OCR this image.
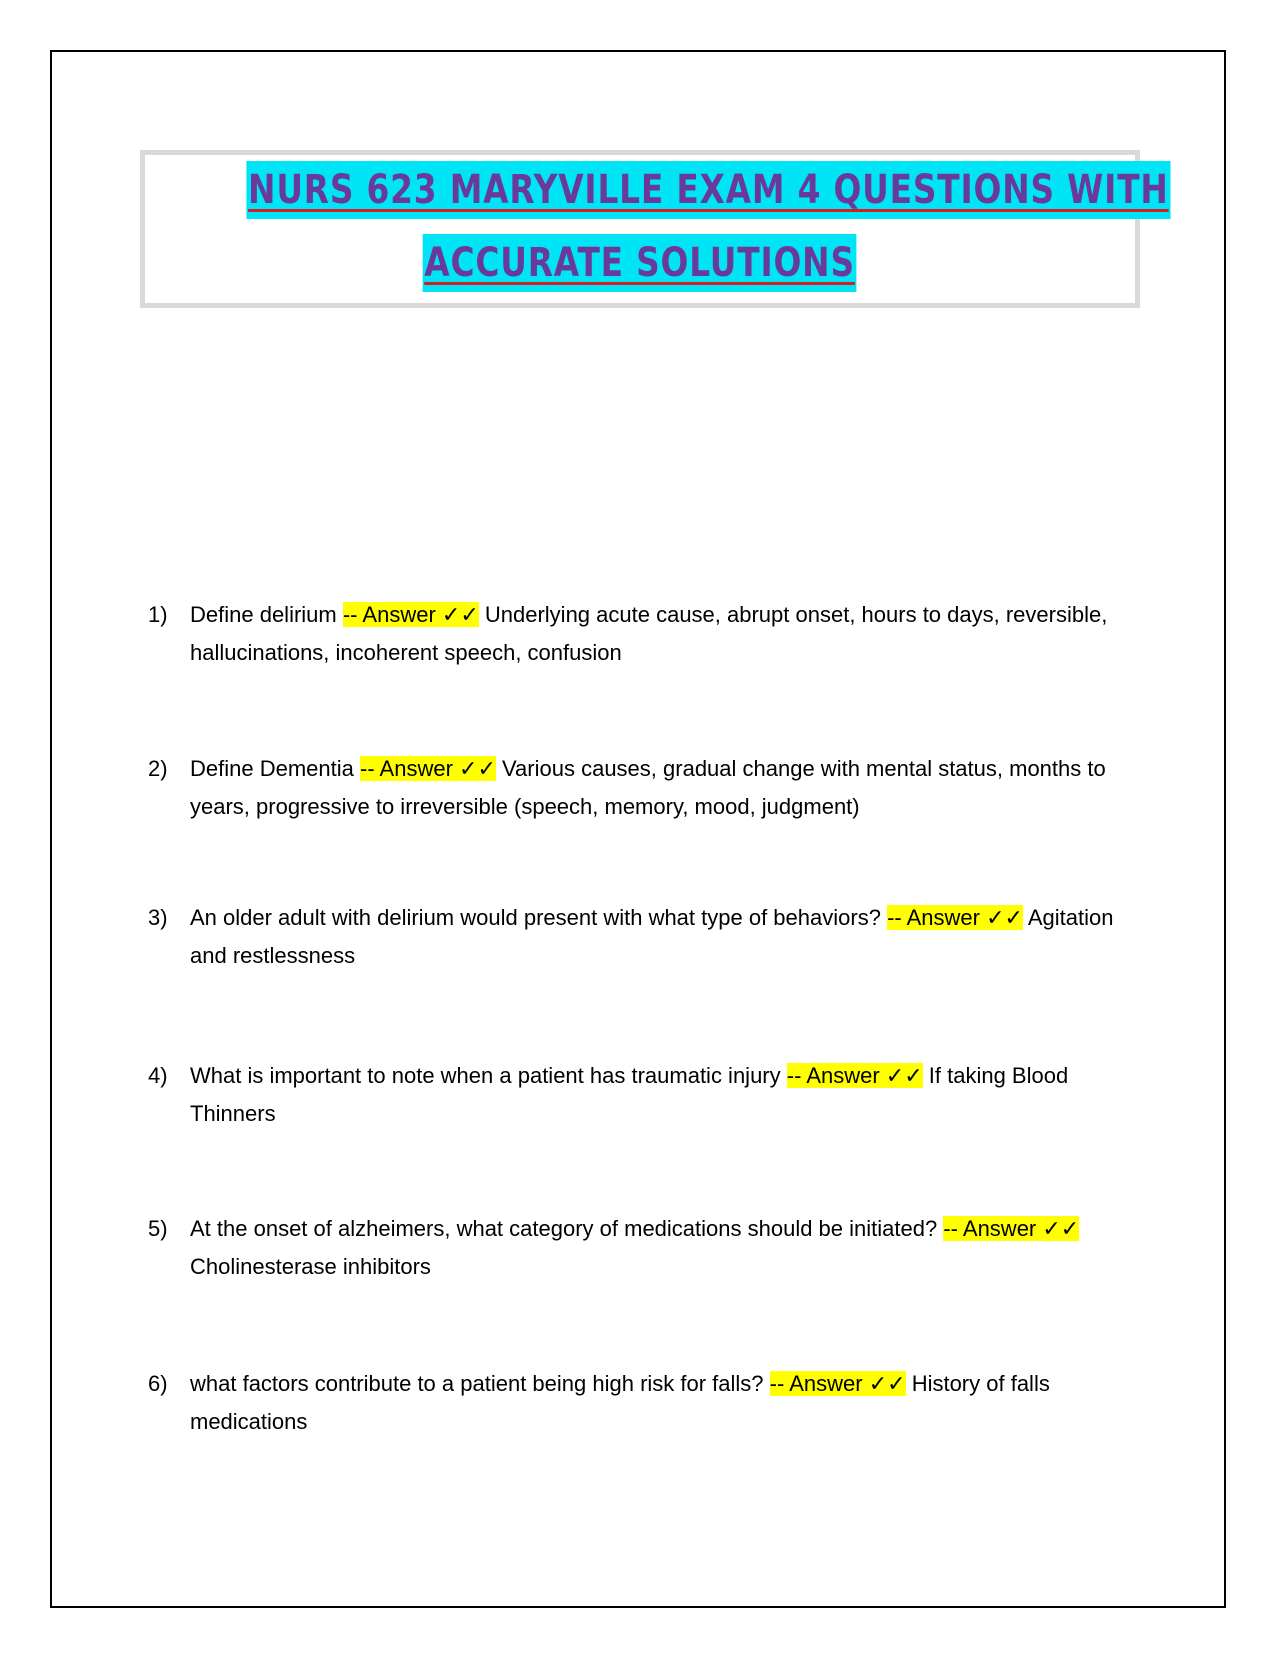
NURS 623 MARYVILLE EXAM 4 QUESTIONS WITH
ACCURATE SOLUTIONS
1) Define delirium -- Answer ✓✓ Underlying acute cause, abrupt onset, hours to days, reversible, hallucinations, incoherent speech, confusion
2) Define Dementia -- Answer ✓✓ Various causes, gradual change with mental status, months to years, progressive to irreversible (speech, memory, mood, judgment)
3) An older adult with delirium would present with what type of behaviors? -- Answer ✓✓ Agitation and restlessness
4) What is important to note when a patient has traumatic injury -- Answer ✓✓ If taking Blood Thinners
5) At the onset of alzheimers, what category of medications should be initiated? -- Answer ✓✓ Cholinesterase inhibitors
6) what factors contribute to a patient being high risk for falls? -- Answer ✓✓ History of falls
medications
